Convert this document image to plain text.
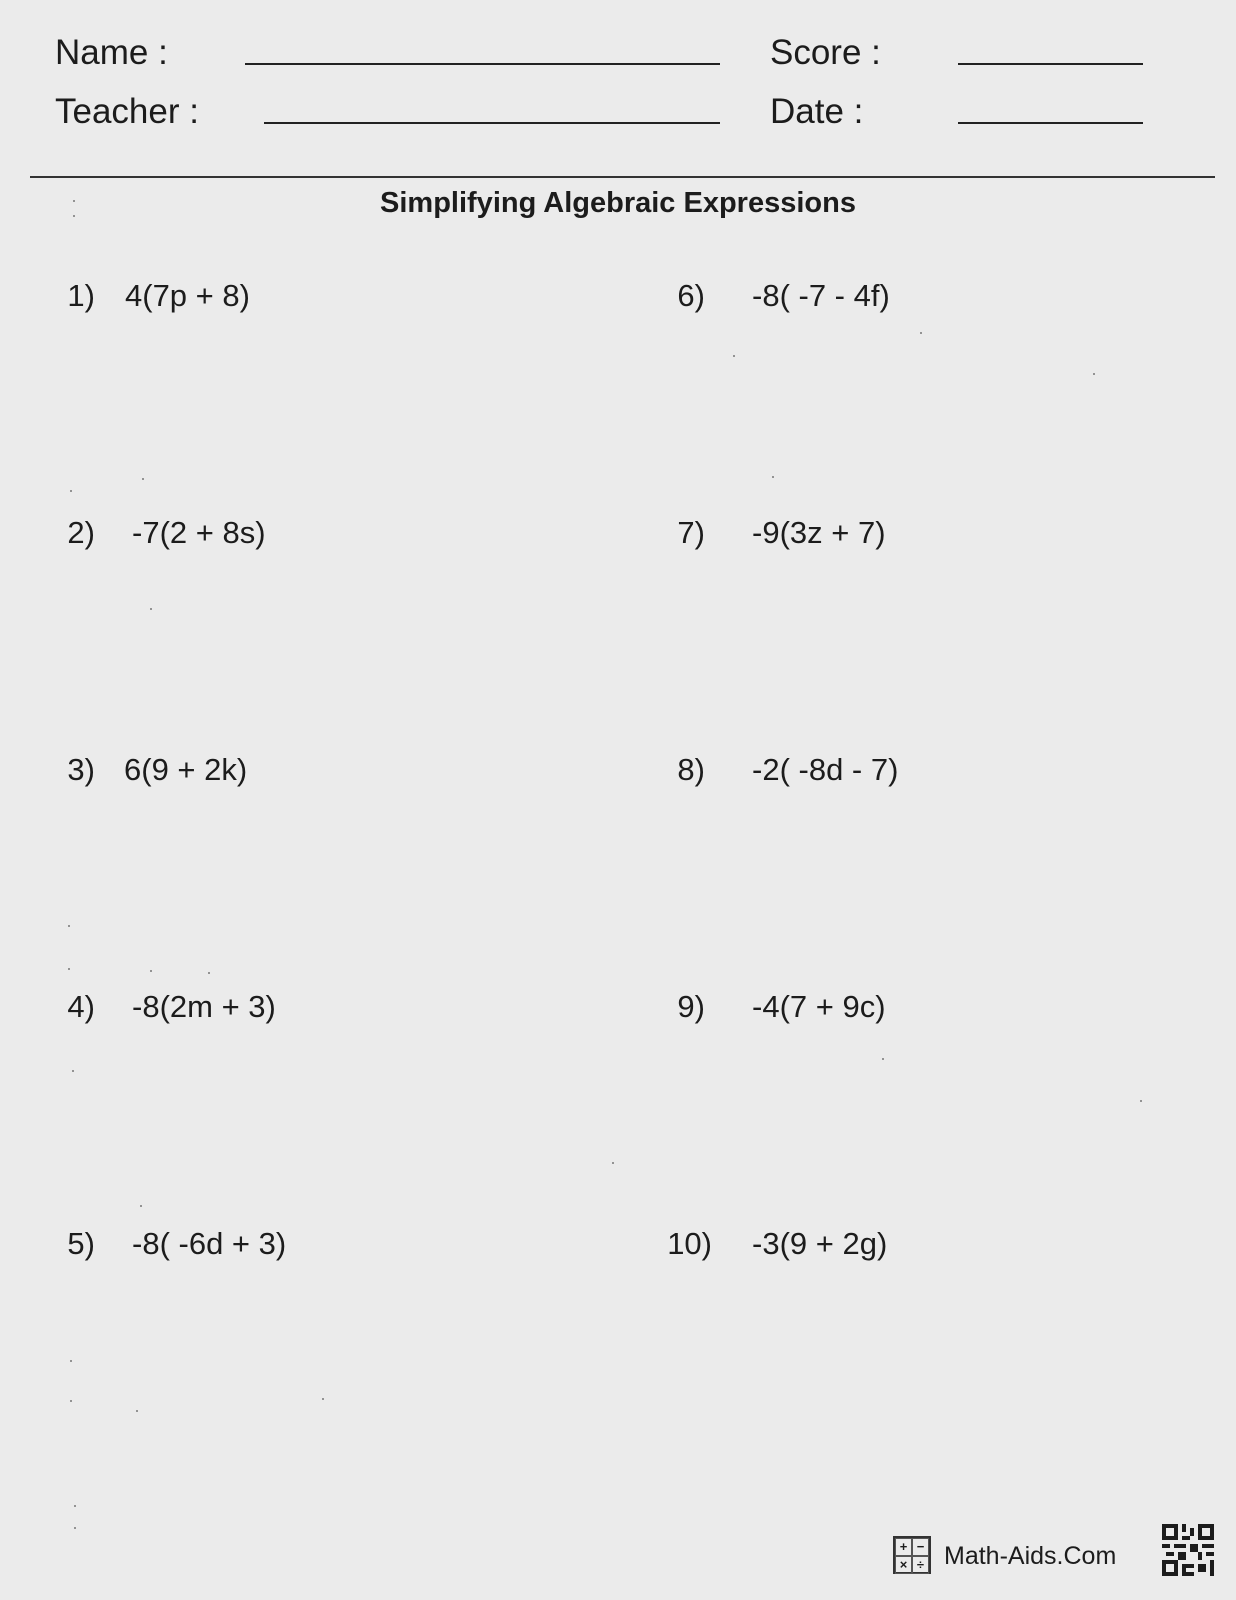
Name :
Teacher :
Score :
Date :
Simplifying Algebraic Expressions
1) 4(7p + 8)
2) -7(2 + 8s)
3) 6(9 + 2k)
4) -8(2m + 3)
5) -8( -6d + 3)
6) -8( -7 - 4f)
7) -9(3z + 7)
8) -2( -8d - 7)
9) -4(7 + 9c)
10) -3(9 + 2g)
+ −
× ÷ Math-Aids.Com
